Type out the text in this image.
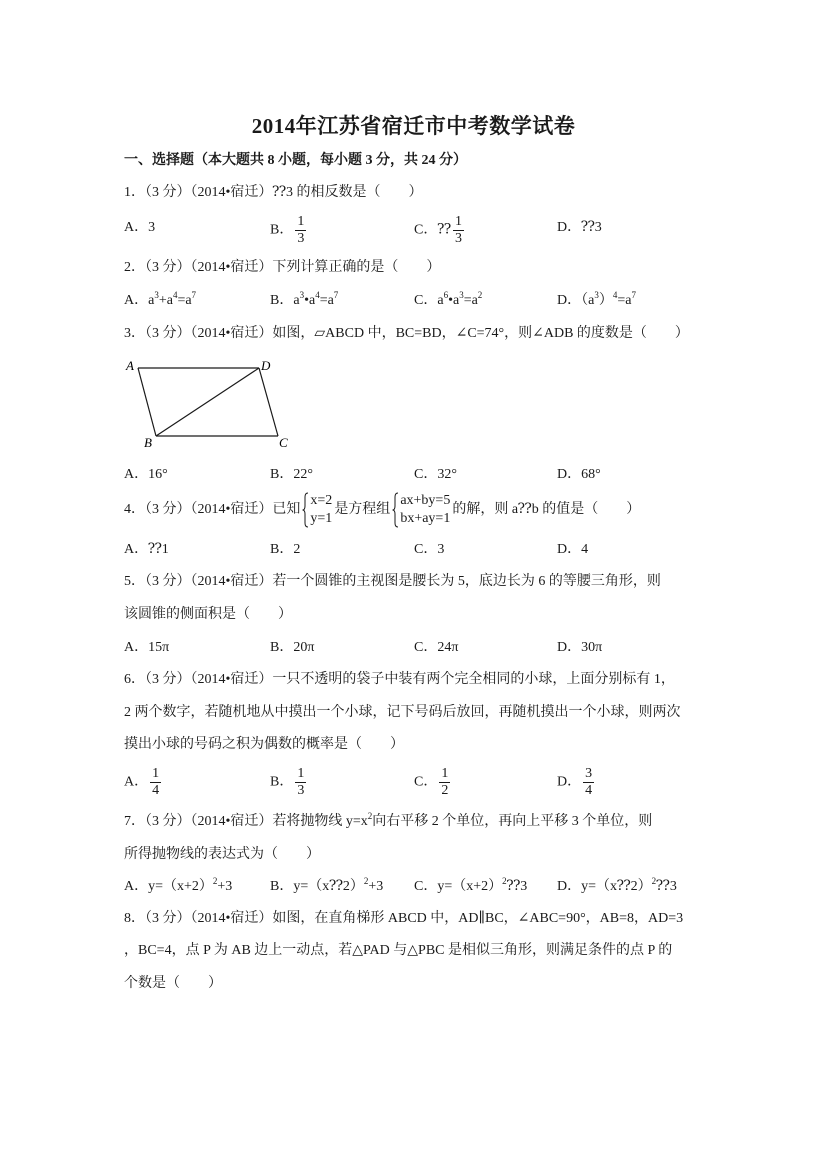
2014年江苏省宿迁市中考数学试卷
一、选择题（本大题共 8 小题，每小题 3 分，共 24 分）
1．（3 分）（2014•宿迁）⁇3 的相反数是（　　）
A．3	B． $\frac{1}{3}$	C．⁇ $\frac{1}{3}$	D．⁇3
2．（3 分）（2014•宿迁）下列计算正确的是（　　）
A．$a^3+a^4=a^7$	B．$a^3•a^4=a^7$	C．$a^6•a^3=a^2$	D．$(a^3)^4=a^7$
3．（3 分）（2014•宿迁）如图，▱ABCD 中，BC=BD，∠C=74°，则∠ADB 的度数是（　　）
A	D
B	C
A．16°	B．22°	C．32°	D．68°
4．（3 分）（2014•宿迁）已知
x=2
y=1
是方程组
ax+by=5
bx+ay=1
的解，则 a⁇b 的值是（　　）
A．⁇1	B．2	C．3	D．4
5．（3 分）（2014•宿迁）若一个圆锥的主视图是腰长为 5，底边长为 6 的等腰三角形，则
该圆锥的侧面积是（　　）
A．15π	B．20π	C．24π	D．30π
6．（3 分）（2014•宿迁）一只不透明的袋子中装有两个完全相同的小球，上面分别标有 1，
2 两个数字，若随机地从中摸出一个小球，记下号码后放回，再随机摸出一个小球，则两次
摸出小球的号码之积为偶数的概率是（　　）
A． $\frac{1}{4}$	B． $\frac{1}{3}$	C． $\frac{1}{2}$	D． $\frac{3}{4}$
7．（3 分）（2014•宿迁）若将抛物线 $y=x^2$向右平移 2 个单位，再向上平移 3 个单位，则
所得抛物线的表达式为（　　）
A．$y=(x+2)^2+3$	B．y=（x⁇2）$^2$+3 C．$y=(x+2)^2⁇3$ D．y=（x⁇2）$^2$⁇3
8．（3 分）（2014•宿迁）如图，在直角梯形 ABCD 中，AD∥BC，∠ABC=90°，AB=8，AD=3
，BC=4，点 P 为 AB 边上一动点，若△PAD 与△PBC 是相似三角形，则满足条件的点 P 的
个数是（　　）
